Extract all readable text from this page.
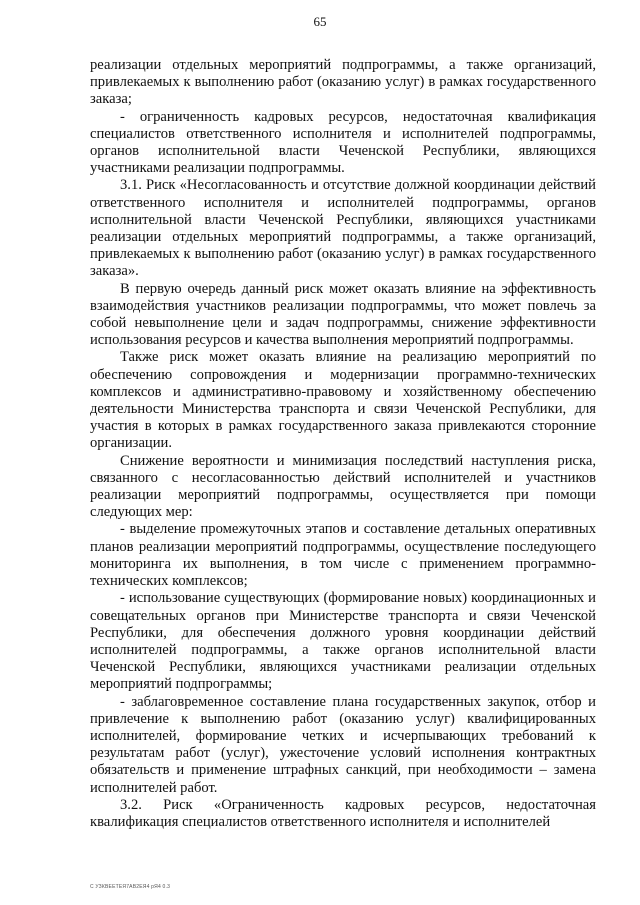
65

реализации отдельных мероприятий подпрограммы, а также организаций, привлекаемых к выполнению работ (оказанию услуг) в рамках государственного заказа;

- ограниченность кадровых ресурсов, недостаточная квалификация специалистов ответственного исполнителя и исполнителей подпрограммы, органов исполнительной власти Чеченской Республики, являющихся участниками реализации подпрограммы.

3.1. Риск «Несогласованность и отсутствие должной координации действий ответственного исполнителя и исполнителей подпрограммы, органов исполнительной власти Чеченской Республики, являющихся участниками реализации отдельных мероприятий подпрограммы, а также организаций, привлекаемых к выполнению работ (оказанию услуг) в рамках государственного заказа».

В первую очередь данный риск может оказать влияние на эффективность взаимодействия участников реализации подпрограммы, что может повлечь за собой невыполнение цели и задач подпрограммы, снижение эффективности использования ресурсов и качества выполнения мероприятий подпрограммы.

Также риск может оказать влияние на реализацию мероприятий по обеспечению сопровождения и модернизации программно-технических комплексов и административно-правовому и хозяйственному обеспечению деятельности Министерства транспорта и связи Чеченской Республики, для участия в которых в рамках государственного заказа привлекаются сторонние организации.

Снижение вероятности и минимизация последствий наступления риска, связанного с несогласованностью действий исполнителей и участников реализации мероприятий подпрограммы, осуществляется при помощи следующих мер:

- выделение промежуточных этапов и составление детальных оперативных планов реализации мероприятий подпрограммы, осуществление последующего мониторинга их выполнения, в том числе с применением программно-технических комплексов;

- использование существующих (формирование новых) координационных и совещательных органов при Министерстве транспорта и связи Чеченской Республики, для обеспечения должного уровня координации действий исполнителей подпрограммы, а также органов исполнительной власти Чеченской Республики, являющихся участниками реализации отдельных мероприятий подпрограммы;

- заблаговременное составление плана государственных закупок, отбор и привлечение к выполнению работ (оказанию услуг) квалифицированных исполнителей, формирование четких и исчерпывающих требований к результатам работ (услуг), ужесточение условий исполнения контрактных обязательств и применение штрафных санкций, при необходимости – замена исполнителей работ.

3.2. Риск «Ограниченность кадровых ресурсов, недостаточная квалификация специалистов ответственного исполнителя и исполнителей

С УЗКВЕЕТЕЯ7АВ2ЕЯ4 рЯ4 0.3
